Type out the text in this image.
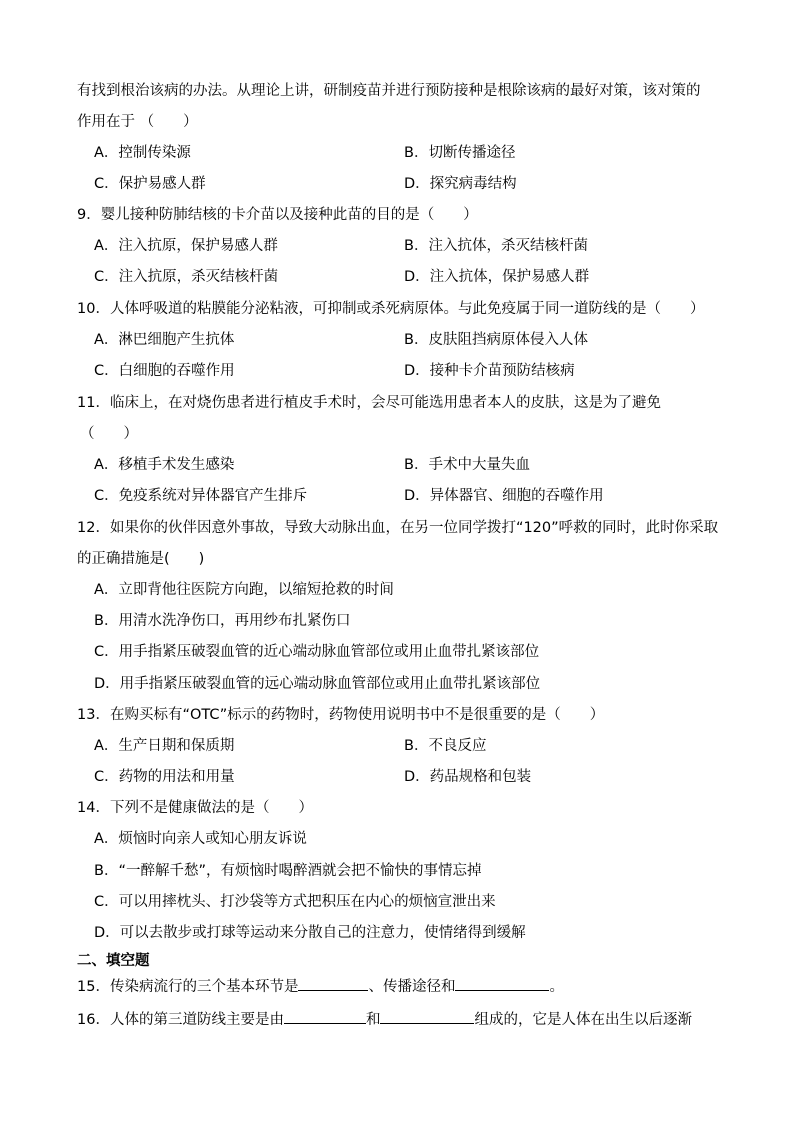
有找到根治该病的办法。从理论上讲，研制疫苗并进行预防接种是根除该病的最好对策，该对策的
作用在于 （　　）
A．控制传染源	B．切断传播途径
C．保护易感人群	D．探究病毒结构
9．婴儿接种防肺结核的卡介苗以及接种此苗的目的是（　　）
A．注入抗原，保护易感人群	B．注入抗体，杀灭结核杆菌
C．注入抗原，杀灭结核杆菌	D．注入抗体，保护易感人群
10．人体呼吸道的粘膜能分泌粘液，可抑制或杀死病原体。与此免疫属于同一道防线的是（　　）
A．淋巴细胞产生抗体	B．皮肤阻挡病原体侵入人体
C．白细胞的吞噬作用	D．接种卡介苗预防结核病
11．临床上，在对烧伤患者进行植皮手术时，会尽可能选用患者本人的皮肤，这是为了避免
（　　）
A．移植手术发生感染	B．手术中大量失血
C．免疫系统对异体器官产生排斥	D．异体器官、细胞的吞噬作用
12．如果你的伙伴因意外事故，导致大动脉出血，在另一位同学拨打“120”呼救的同时，此时你采取
的正确措施是(　　)
A．立即背他往医院方向跑，以缩短抢救的时间
B．用清水洗净伤口，再用纱布扎紧伤口
C．用手指紧压破裂血管的近心端动脉血管部位或用止血带扎紧该部位
D．用手指紧压破裂血管的远心端动脉血管部位或用止血带扎紧该部位
13．在购买标有“OTC”标示的药物时，药物使用说明书中不是很重要的是（　　）
A．生产日期和保质期	B．不良反应
C．药物的用法和用量	D．药品规格和包装
14．下列不是健康做法的是（　　）
A．烦恼时向亲人或知心朋友诉说
B．“一醉解千愁”，有烦恼时喝醉酒就会把不愉快的事情忘掉
C．可以用摔枕头、打沙袋等方式把积压在内心的烦恼宣泄出来
D．可以去散步或打球等运动来分散自己的注意力，使情绪得到缓解
二、填空题
15．传染病流行的三个基本环节是	、传播途径和	。
16．人体的第三道防线主要是由	和	组成的，它是人体在出生以后逐渐
